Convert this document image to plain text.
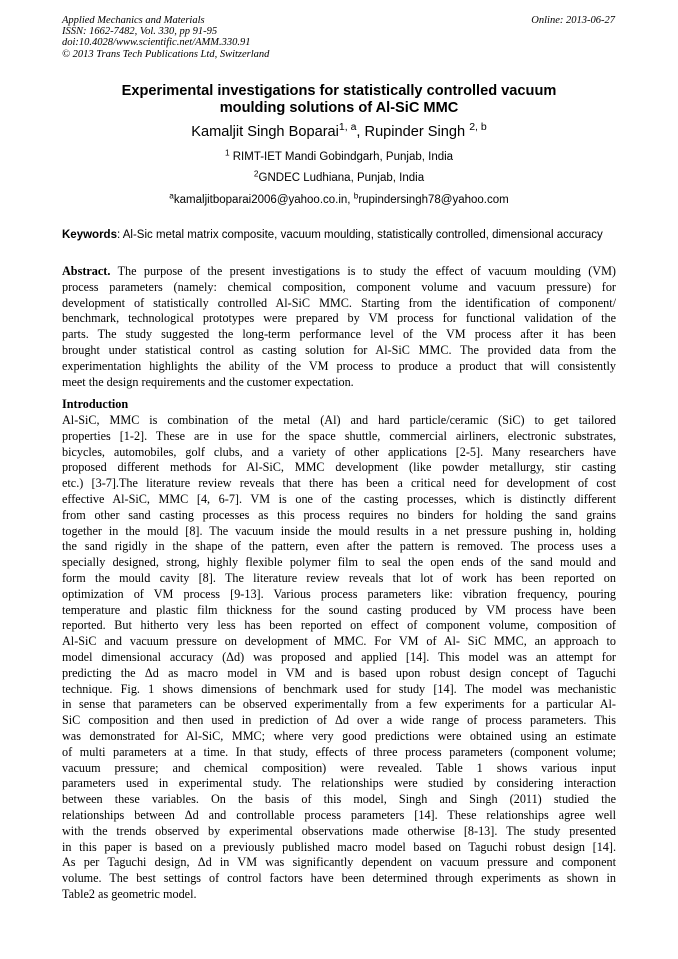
Applied Mechanics and Materials
ISSN: 1662-7482, Vol. 330, pp 91-95
doi:10.4028/www.scientific.net/AMM.330.91
© 2013 Trans Tech Publications Ltd, Switzerland
Online: 2013-06-27
Experimental investigations for statistically controlled vacuum
moulding solutions of Al-SiC MMC
Kamaljit Singh Boparai$^{1, a}$, Rupinder Singh $^{2, b}$
$^1$ RIMT-IET Mandi Gobindgarh, Punjab, India
$^2$GNDEC Ludhiana, Punjab, India
$^a$kamaljitboparai2006@yahoo.co.in, $^b$rupindersingh78@yahoo.com
Keywords: Al-Sic metal matrix composite, vacuum moulding, statistically controlled, dimensional accuracy
Abstract. The purpose of the present investigations is to study the effect of vacuum moulding (VM)
process parameters (namely: chemical composition, component volume and vacuum pressure) for
development of statistically controlled Al-SiC MMC. Starting from the identification of component/
benchmark, technological prototypes were prepared by VM process for functional validation of the
parts. The study suggested the long-term performance level of the VM process after it has been
brought under statistical control as casting solution for Al-SiC MMC. The provided data from the
experimentation highlights the ability of the VM process to produce a product that will consistently
meet the design requirements and the customer expectation.
Introduction
Al-SiC, MMC is combination of the metal (Al) and hard particle/ceramic (SiC) to get tailored
properties [1-2]. These are in use for the space shuttle, commercial airliners, electronic substrates,
bicycles, automobiles, golf clubs, and a variety of other applications [2-5]. Many researchers have
proposed different methods for Al-SiC, MMC development (like powder metallurgy, stir casting
etc.) [3-7].The literature review reveals that there has been a critical need for development of cost
effective Al-SiC, MMC [4, 6-7]. VM is one of the casting processes, which is distinctly different
from other sand casting processes as this process requires no binders for holding the sand grains
together in the mould [8]. The vacuum inside the mould results in a net pressure pushing in, holding
the sand rigidly in the shape of the pattern, even after the pattern is removed. The process uses a
specially designed, strong, highly flexible polymer film to seal the open ends of the sand mould and
form the mould cavity [8]. The literature review reveals that lot of work has been reported on
optimization of VM process [9-13]. Various process parameters like: vibration frequency, pouring
temperature and plastic film thickness for the sound casting produced by VM process have been
reported. But hitherto very less has been reported on effect of component volume, composition of
Al-SiC and vacuum pressure on development of MMC. For VM of Al- SiC MMC, an approach to
model dimensional accuracy (Δd) was proposed and applied [14]. This model was an attempt for
predicting the Δd as macro model in VM and is based upon robust design concept of Taguchi
technique. Fig. 1 shows dimensions of benchmark used for study [14]. The model was mechanistic
in sense that parameters can be observed experimentally from a few experiments for a particular Al-
SiC composition and then used in prediction of Δd over a wide range of process parameters. This
was demonstrated for Al-SiC, MMC; where very good predictions were obtained using an estimate
of multi parameters at a time. In that study, effects of three process parameters (component volume;
vacuum pressure; and chemical composition) were revealed. Table 1 shows various input
parameters used in experimental study. The relationships were studied by considering interaction
between these variables. On the basis of this model, Singh and Singh (2011) studied the
relationships between Δd and controllable process parameters [14]. These relationships agree well
with the trends observed by experimental observations made otherwise [8-13]. The study presented
in this paper is based on a previously published macro model based on Taguchi robust design [14].
As per Taguchi design, Δd in VM was significantly dependent on vacuum pressure and component
volume. The best settings of control factors have been determined through experiments as shown in
Table2 as geometric model.
